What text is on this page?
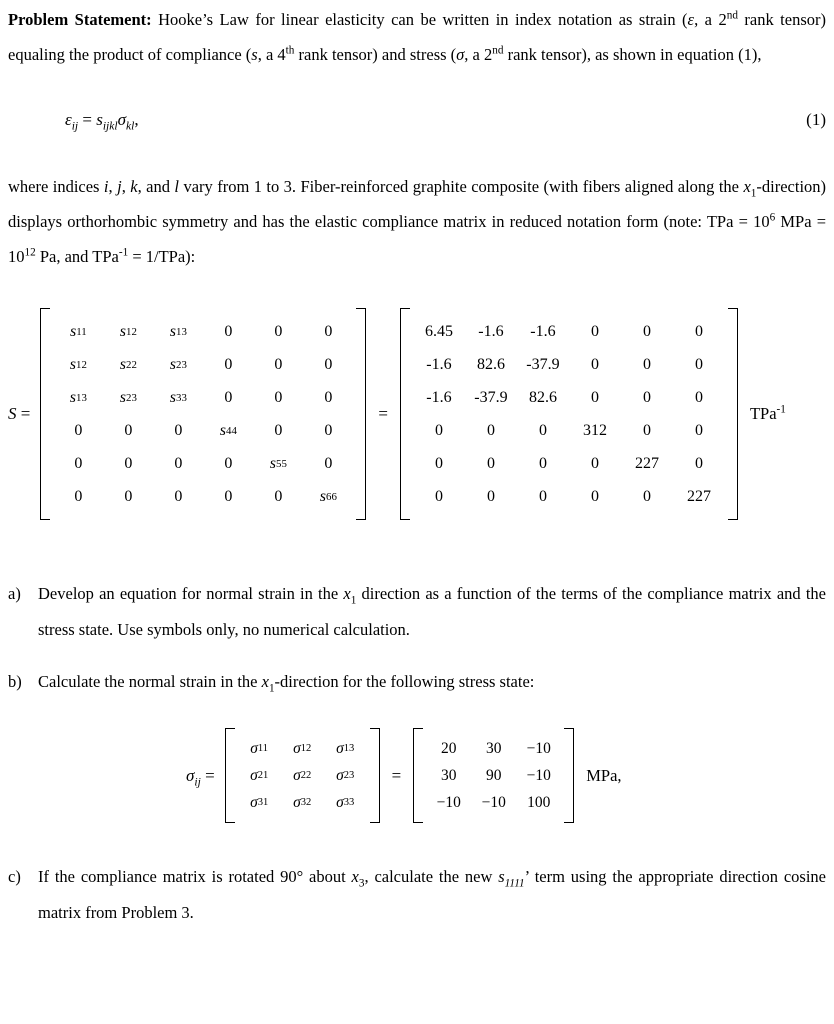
Problem Statement: Hooke’s Law for linear elasticity can be written in index notation as strain (ε, a 2nd rank tensor) equaling the product of compliance (s, a 4th rank tensor) and stress (σ, a 2nd rank tensor), as shown in equation (1),

$\varepsilon_{ij} = s_{ijkl}\sigma_{kl}$,	(1)

where indices i, j, k, and l vary from 1 to 3. Fiber-reinforced graphite composite (with fibers aligned along the $x_1-direction$) displays orthorhombic symmetry and has the elastic compliance matrix in reduced notation form (note: TPa = $10^6$ MPa = $10^{12}$ Pa, and TPa$^{-1}$ = 1/TPa):

S =
s 11 s 12 s 13	0	0	0
s 12 s 22 s 23	0	0	0
s 13 s 23 s 33	0	0	0
0	0	0	s 44	0	0
0	0	0	0	s 55	0
0	0	0	0	0	s 66
=
6.45	-1.6	-1.6	0	0	0
-1.6	82.6	-37.9	0	0	0
-1.6	-37.9	82.6	0	0	0
0	0	0	312	0	0
0	0	0	0	227	0
0	0	0	0	0	227
TPa$^{-1}$
a)	Develop an equation for normal strain in the $x_1$ direction as a function of the terms of the compliance matrix and the stress state. Use symbols only, no numerical calculation.

b) Calculate the normal strain in the $x_1$-direction for the following stress state:

$\sigma_{ij}$ =
σ 11 σ 12 σ 13
σ 21 σ 22 σ 23
σ 31 σ 32 σ 33
=
20	30	−10
30	90	−10
−10	−10	100
MPa,
c)	If the compliance matrix is rotated 90° about $x_3$, calculate the new $s_{1111}$’ term using the appropriate direction cosine matrix from Problem 3.
